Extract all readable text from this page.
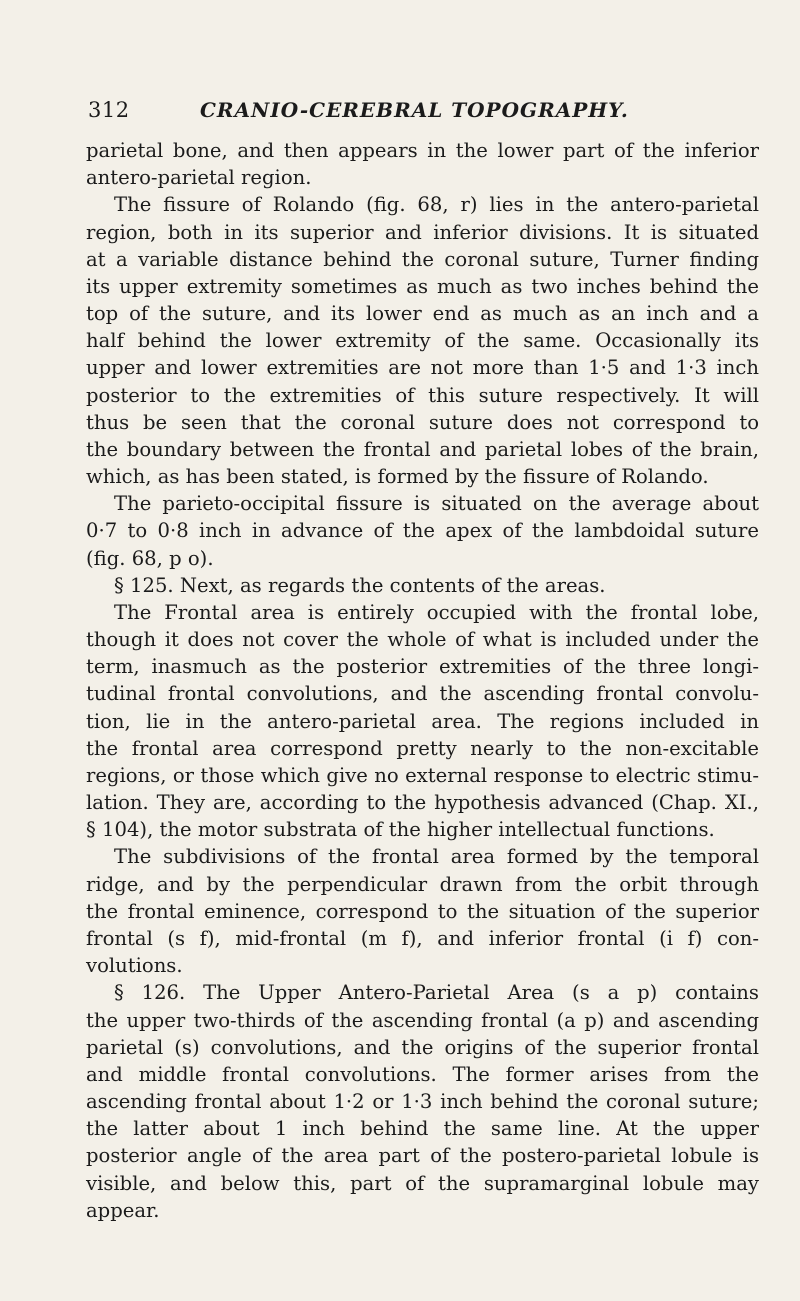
312	CRANIO-CEREBRAL TOPOGRAPHY.
parietal bone, and then appears in the lower part of the inferior
antero-parietal region.
The fissure of Rolando (fig. 68, r) lies in the antero-parietal
region, both in its superior and inferior divisions. It is situated
at a variable distance behind the coronal suture, Turner finding
its upper extremity sometimes as much as two inches behind the
top of the suture, and its lower end as much as an inch and a
half behind the lower extremity of the same. Occasionally its
upper and lower extremities are not more than 1·5 and 1·3 inch
posterior to the extremities of this suture respectively. It will
thus be seen that the coronal suture does not correspond to
the boundary between the frontal and parietal lobes of the brain,
which, as has been stated, is formed by the fissure of Rolando.
The parieto-occipital fissure is situated on the average about
0·7 to 0·8 inch in advance of the apex of the lambdoidal suture
(fig. 68, p o).
§ 125. Next, as regards the contents of the areas.
The Frontal area is entirely occupied with the frontal lobe,
though it does not cover the whole of what is included under the
term, inasmuch as the posterior extremities of the three longi-
tudinal frontal convolutions, and the ascending frontal convolu-
tion, lie in the antero-parietal area. The regions included in
the frontal area correspond pretty nearly to the non-excitable
regions, or those which give no external response to electric stimu-
lation. They are, according to the hypothesis advanced (Chap. XI.,
§ 104), the motor substrata of the higher intellectual functions.
The subdivisions of the frontal area formed by the temporal
ridge, and by the perpendicular drawn from the orbit through
the frontal eminence, correspond to the situation of the superior
frontal (s f), mid-frontal (m f), and inferior frontal (i f) con-
volutions.
§ 126. The Upper Antero-Parietal Area (s a p) contains
the upper two-thirds of the ascending frontal (a p) and ascending
parietal (s) convolutions, and the origins of the superior frontal
and middle frontal convolutions. The former arises from the
ascending frontal about 1·2 or 1·3 inch behind the coronal suture;
the latter about 1 inch behind the same line. At the upper
posterior angle of the area part of the postero-parietal lobule is
visible, and below this, part of the supramarginal lobule may
appear.
